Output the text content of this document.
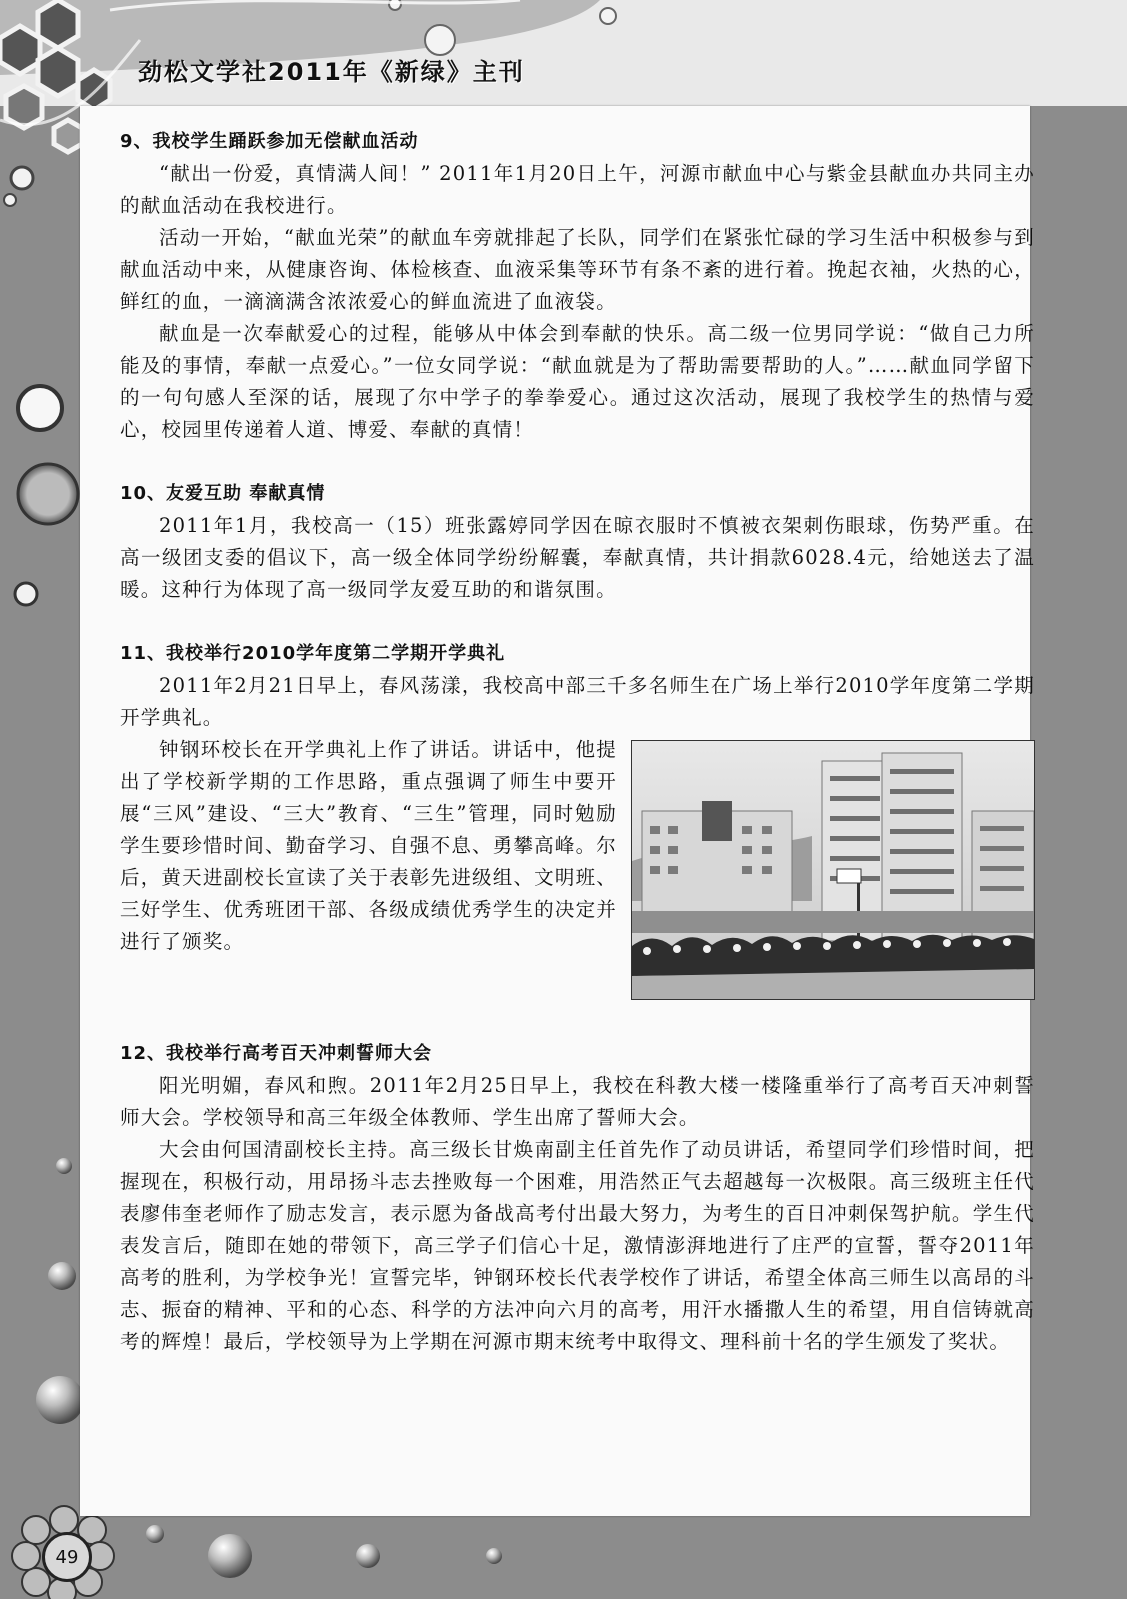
劲松文学社2011年《新绿》主刊

9、我校学生踊跃参加无偿献血活动

“献出一份爱，真情满人间！” 2011年1月20日上午，河源市献血中心与紫金县献血办共同主办的献血活动在我校进行。

活动一开始，“献血光荣”的献血车旁就排起了长队，同学们在紧张忙碌的学习生活中积极参与到献血活动中来，从健康咨询、体检核查、血液采集等环节有条不紊的进行着。挽起衣袖，火热的心，鲜红的血，一滴滴满含浓浓爱心的鲜血流进了血液袋。

献血是一次奉献爱心的过程，能够从中体会到奉献的快乐。高二级一位男同学说：“做自己力所能及的事情，奉献一点爱心。”一位女同学说：“献血就是为了帮助需要帮助的人。”……献血同学留下的一句句感人至深的话，展现了尔中学子的拳拳爱心。通过这次活动，展现了我校学生的热情与爱心，校园里传递着人道、博爱、奉献的真情！

10、友爱互助 奉献真情

2011年1月，我校高一（15）班张露婷同学因在晾衣服时不慎被衣架刺伤眼球，伤势严重。在高一级团支委的倡议下，高一级全体同学纷纷解囊，奉献真情，共计捐款6028.4元，给她送去了温暖。这种行为体现了高一级同学友爱互助的和谐氛围。

11、我校举行2010学年度第二学期开学典礼

2011年2月21日早上，春风荡漾，我校高中部三千多名师生在广场上举行2010学年度第二学期开学典礼。

钟钢环校长在开学典礼上作了讲话。讲话中，他提出了学校新学期的工作思路，重点强调了师生中要开展“三风”建设、“三大”教育、“三生”管理，同时勉励学生要珍惜时间、勤奋学习、自强不息、勇攀高峰。尔后，黄天进副校长宣读了关于表彰先进级组、文明班、三好学生、优秀班团干部、各级成绩优秀学生的决定并进行了颁奖。

12、我校举行高考百天冲刺誓师大会

阳光明媚，春风和煦。2011年2月25日早上，我校在科教大楼一楼隆重举行了高考百天冲刺誓师大会。学校领导和高三年级全体教师、学生出席了誓师大会。

大会由何国清副校长主持。高三级长甘焕南副主任首先作了动员讲话，希望同学们珍惜时间，把握现在，积极行动，用昂扬斗志去挫败每一个困难，用浩然正气去超越每一次极限。高三级班主任代表廖伟奎老师作了励志发言，表示愿为备战高考付出最大努力，为考生的百日冲刺保驾护航。学生代表发言后，随即在她的带领下，高三学子们信心十足，激情澎湃地进行了庄严的宣誓，誓夺2011年高考的胜利，为学校争光！宣誓完毕，钟钢环校长代表学校作了讲话，希望全体高三师生以高昂的斗志、振奋的精神、平和的心态、科学的方法冲向六月的高考，用汗水播撒人生的希望，用自信铸就高考的辉煌！最后，学校领导为上学期在河源市期末统考中取得文、理科前十名的学生颁发了奖状。

49
